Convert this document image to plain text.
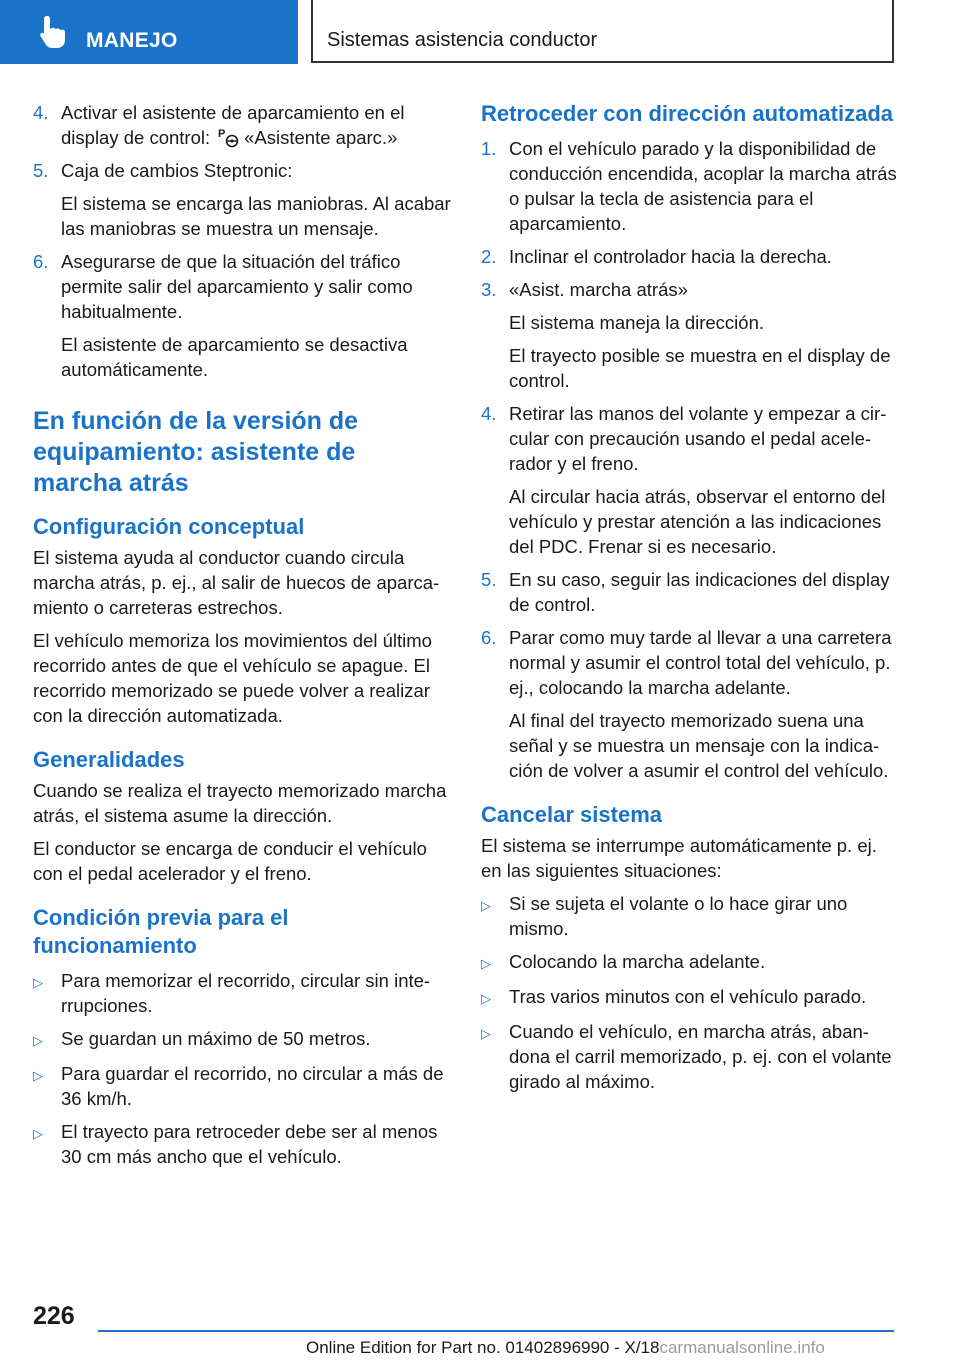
MANEJO	Sistemas asistencia conductor
4. Activar el asistente de aparcamiento en el display de control: P «Asistente aparc.»
5. Caja de cambios Steptronic:
El sistema se encarga las maniobras. Al acabar las maniobras se muestra un mensaje.
6. Asegurarse de que la situación del tráfico permite salir del aparcamiento y salir como habitualmente.
El asistente de aparcamiento se desactiva automáticamente.
En función de la versión de equipamiento: asistente de marcha atrás
Configuración conceptual

El sistema ayuda al conductor cuando circula marcha atrás, p. ej., al salir de huecos de aparcamiento o carreteras estrechos.

El vehículo memoriza los movimientos del último recorrido antes de que el vehículo se apague. El recorrido memorizado se puede volver a realizar con la dirección automatizada.

Generalidades

Cuando se realiza el trayecto memorizado marcha atrás, el sistema asume la dirección.

El conductor se encarga de conducir el vehículo con el pedal acelerador y el freno.

Condición previa para el funcionamiento
▷ Para memorizar el recorrido, circular sin interrupciones.
▷ Se guardan un máximo de 50 metros.
▷ Para guardar el recorrido, no circular a más de 36 km/h.
▷ El trayecto para retroceder debe ser al menos 30 cm más ancho que el vehículo.
Retroceder con dirección automatizada
1. Con el vehículo parado y la disponibilidad de conducción encendida, acoplar la marcha atrás o pulsar la tecla de asistencia para el aparcamiento.
2. Inclinar el controlador hacia la derecha.
3. «Asist. marcha atrás»
El sistema maneja la dirección.
El trayecto posible se muestra en el display de control.
4. Retirar las manos del volante y empezar a circular con precaución usando el pedal acelerador y el freno.
Al circular hacia atrás, observar el entorno del vehículo y prestar atención a las indicaciones del PDC. Frenar si es necesario.
5. En su caso, seguir las indicaciones del display de control.
6. Parar como muy tarde al llevar a una carretera normal y asumir el control total del vehículo, p. ej., colocando la marcha adelante.
Al final del trayecto memorizado suena una señal y se muestra un mensaje con la indicación de volver a asumir el control del vehículo.
Cancelar sistema

El sistema se interrumpe automáticamente p. ej. en las siguientes situaciones:

▷ Si se sujeta el volante o lo hace girar uno mismo.
▷ Colocando la marcha adelante.
▷ Tras varios minutos con el vehículo parado.
▷ Cuando el vehículo, en marcha atrás, abandona el carril memorizado, p. ej. con el volante girado al máximo.
226
Online Edition for Part no. 01402896990 - X/18carmanualsonline.info
